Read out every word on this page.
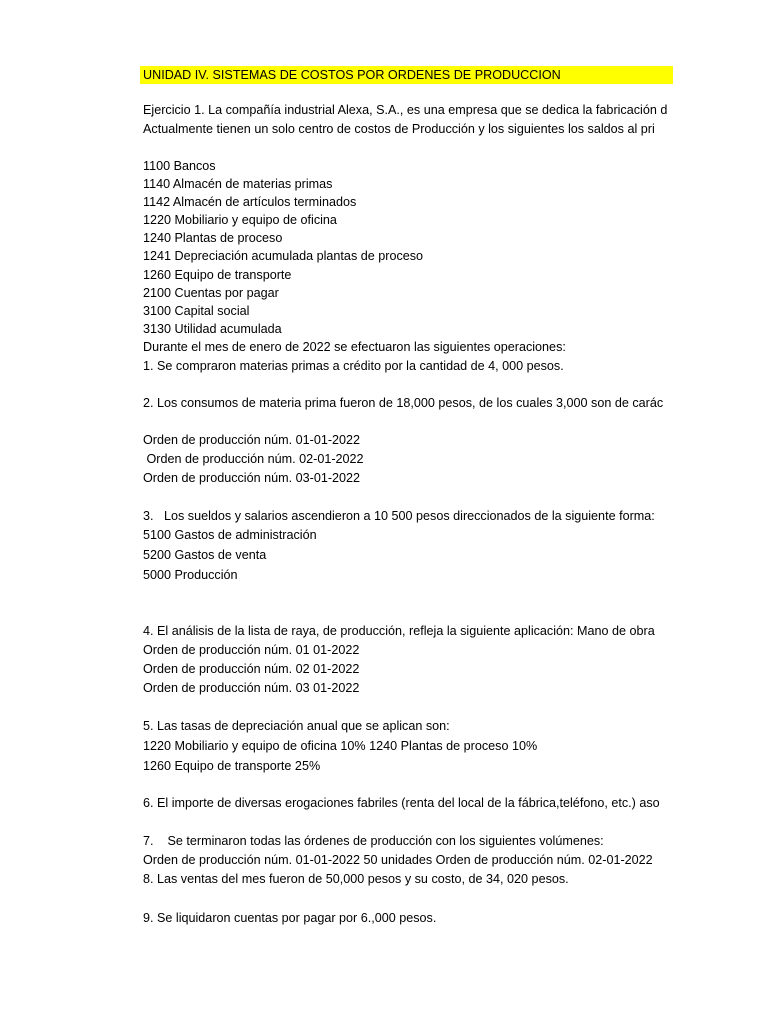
UNIDAD IV. SISTEMAS DE COSTOS POR ORDENES DE PRODUCCION
Ejercicio 1. La compañía industrial Alexa, S.A., es una empresa que se dedica la fabricación d
Actualmente tienen un solo centro de costos de Producción y los siguientes los saldos al pri
1100 Bancos
1140 Almacén de materias primas
1142 Almacén de artículos terminados
1220 Mobiliario y equipo de oficina
1240 Plantas de proceso
1241 Depreciación acumulada plantas de proceso
1260 Equipo de transporte
2100 Cuentas por pagar
3100 Capital social
3130 Utilidad acumulada
Durante el mes de enero de 2022 se efectuaron las siguientes operaciones:
1. Se compraron materias primas a crédito por la cantidad de 4, 000 pesos.
2. Los consumos de materia prima fueron de 18,000 pesos, de los cuales 3,000 son de carác
Orden de producción núm. 01-01-2022
Orden de producción núm. 02-01-2022
Orden de producción núm. 03-01-2022
3.   Los sueldos y salarios ascendieron a 10 500 pesos direccionados de la siguiente forma:
5100 Gastos de administración
5200 Gastos de venta
5000 Producción
4. El análisis de la lista de raya, de producción, refleja la siguiente aplicación: Mano de obra
Orden de producción núm. 01 01-2022
Orden de producción núm. 02 01-2022
Orden de producción núm. 03 01-2022
5. Las tasas de depreciación anual que se aplican son:
1220 Mobiliario y equipo de oficina 10% 1240 Plantas de proceso 10%
1260 Equipo de transporte 25%
6. El importe de diversas erogaciones fabriles (renta del local de la fábrica,teléfono, etc.) aso
7.    Se terminaron todas las órdenes de producción con los siguientes volúmenes:
Orden de producción núm. 01-01-2022 50 unidades Orden de producción núm. 02-01-2022
8. Las ventas del mes fueron de 50,000 pesos y su costo, de 34, 020 pesos.
9. Se liquidaron cuentas por pagar por 6.,000 pesos.
